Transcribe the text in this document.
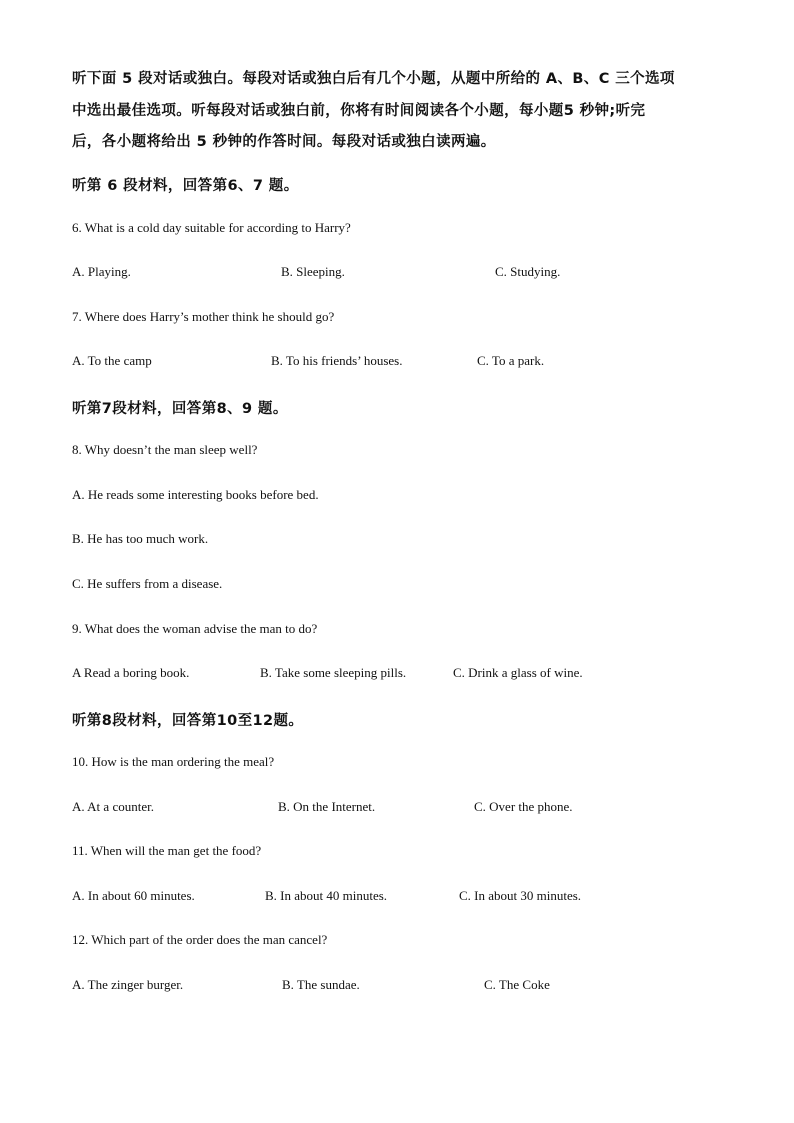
听下面 5 段对话或独白。每段对话或独白后有几个小题，从题中所给的 A、B、C 三个选项
中选出最佳选项。听每段对话或独白前，你将有时间阅读各个小题，每小题5 秒钟;听完
后，各小题将给出 5 秒钟的作答时间。每段对话或独白读两遍。
听第 6 段材料，回答第6、7 题。
6. What is a cold day suitable for according to Harry?
A. Playing.	B. Sleeping.	C. Studying.
7. Where does Harry’s mother think he should go?
A. To the camp	B. To his friends’ houses.	C. To a park.
听第7段材料，回答第8、9 题。
8. Why doesn’t the man sleep well?
A. He reads some interesting books before bed.
B. He has too much work.
C. He suffers from a disease.
9. What does the woman advise the man to do?
A Read a boring book.	B. Take some sleeping pills.	C. Drink a glass of wine.
听第8段材料，回答第10至12题。
10. How is the man ordering the meal?
A. At a counter.	B. On the Internet.	C. Over the phone.
11. When will the man get the food?
A. In about 60 minutes.	B. In about 40 minutes.	C. In about 30 minutes.
12. Which part of the order does the man cancel?
A. The zinger burger.	B. The sundae.	C. The Coke
